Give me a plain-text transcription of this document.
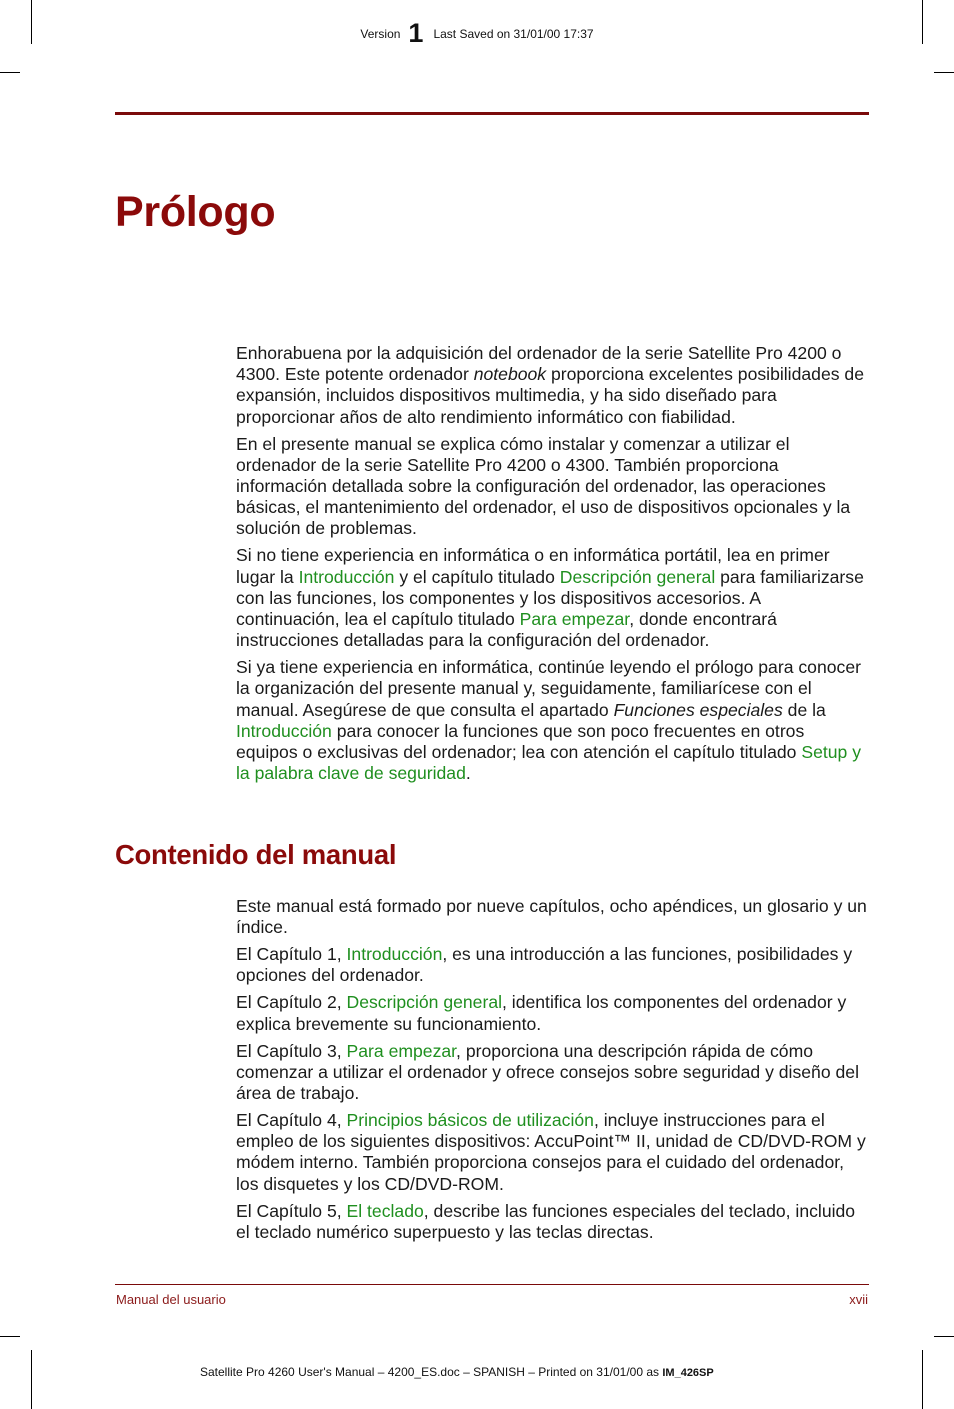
Version 1 Last Saved on 31/01/00 17:37
Prólogo

Enhorabuena por la adquisición del ordenador de la serie Satellite Pro 4200 o 4300. Este potente ordenador notebook proporciona excelentes posibilidades de expansión, incluidos dispositivos multimedia, y ha sido diseñado para proporcionar años de alto rendimiento informático con fiabilidad.

En el presente manual se explica cómo instalar y comenzar a utilizar el ordenador de la serie Satellite Pro 4200 o 4300. También proporciona información detallada sobre la configuración del ordenador, las operaciones básicas, el mantenimiento del ordenador, el uso de dispositivos opcionales y la solución de problemas.

Si no tiene experiencia en informática o en informática portátil, lea en primer lugar la Introducción y el capítulo titulado Descripción general para familiarizarse con las funciones, los componentes y los dispositivos accesorios. A continuación, lea el capítulo titulado Para empezar, donde encontrará instrucciones detalladas para la configuración del ordenador.

Si ya tiene experiencia en informática, continúe leyendo el prólogo para conocer la organización del presente manual y, seguidamente, familiarícese con el manual. Asegúrese de que consulta el apartado Funciones especiales de la Introducción para conocer la funciones que son poco frecuentes en otros equipos o exclusivas del ordenador; lea con atención el capítulo titulado Setup y la palabra clave de seguridad.

Contenido del manual

Este manual está formado por nueve capítulos, ocho apéndices, un glosario y un índice.

El Capítulo 1, Introducción, es una introducción a las funciones, posibilidades y opciones del ordenador.

El Capítulo 2, Descripción general, identifica los componentes del ordenador y explica brevemente su funcionamiento.

El Capítulo 3, Para empezar, proporciona una descripción rápida de cómo comenzar a utilizar el ordenador y ofrece consejos sobre seguridad y diseño del área de trabajo.

El Capítulo 4, Principios básicos de utilización, incluye instrucciones para el empleo de los siguientes dispositivos: AccuPoint™ II, unidad de CD/DVD-ROM y módem interno. También proporciona consejos para el cuidado del ordenador, los disquetes y los CD/DVD-ROM.

El Capítulo 5, El teclado, describe las funciones especiales del teclado, incluido el teclado numérico superpuesto y las teclas directas.

Manual del usuario	xvii
Satellite Pro 4260 User's Manual – 4200_ES.doc – SPANISH – Printed on 31/01/00 as IM_426SP
